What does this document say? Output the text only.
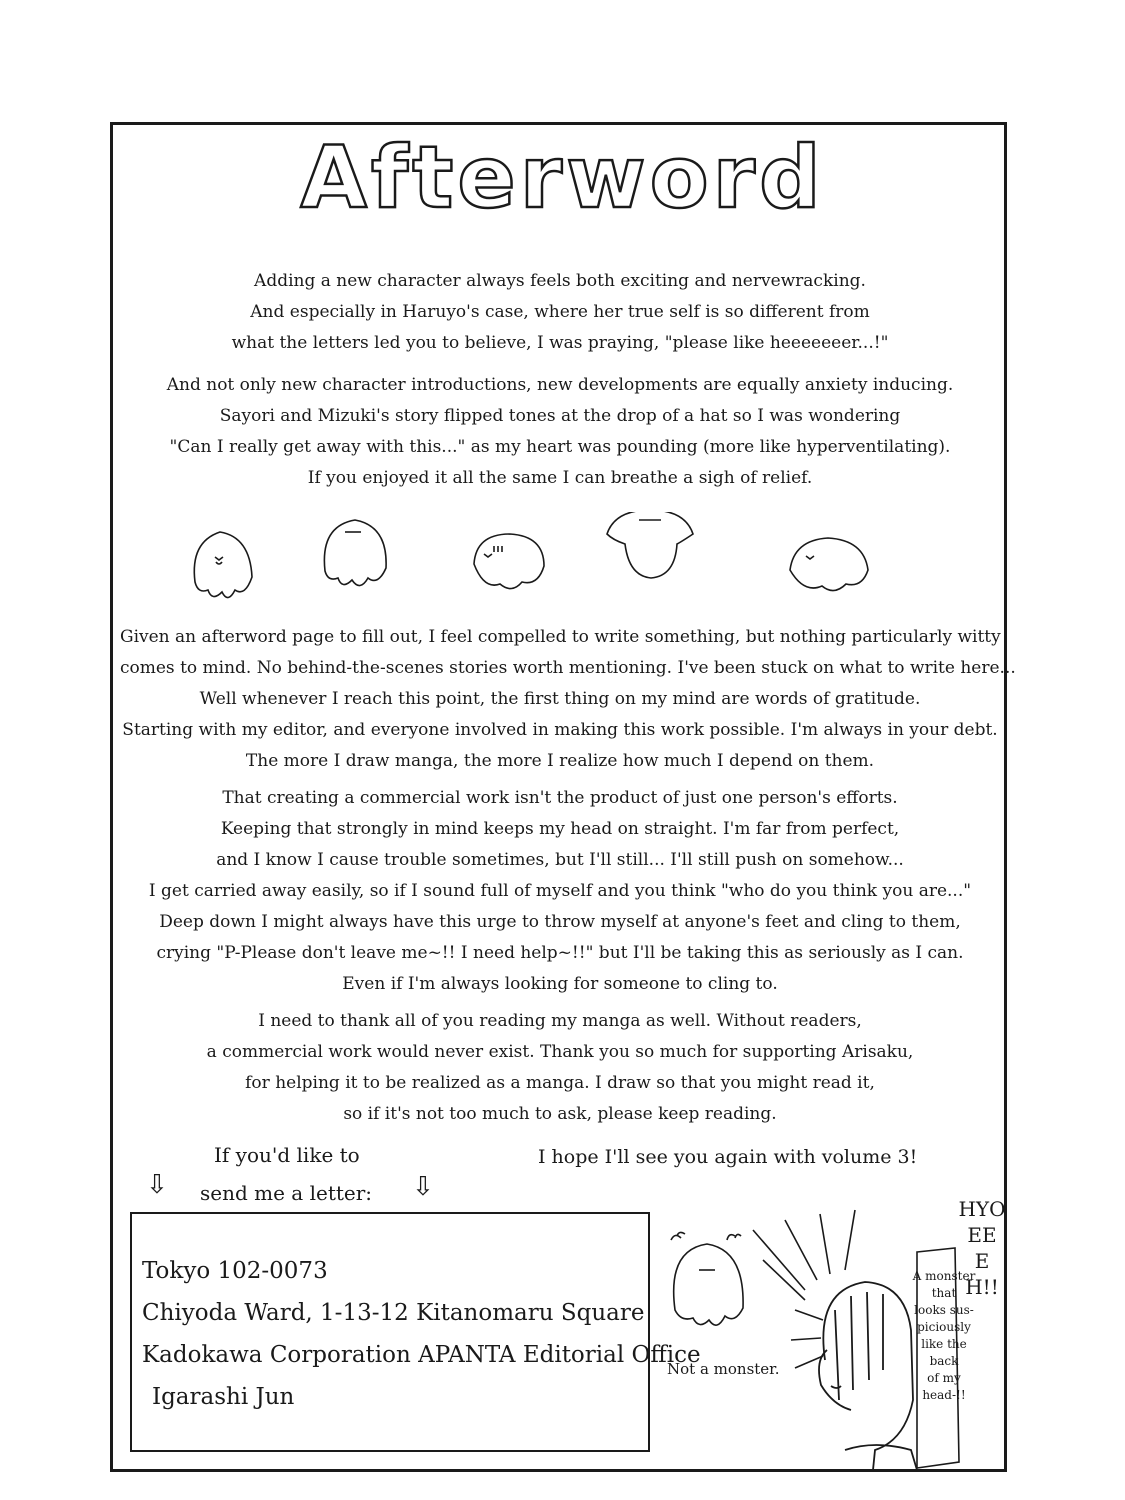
Afterword
Adding a new character always feels both exciting and nervewracking.
And especially in Haruyo's case, where her true self is so different from
what the letters led you to believe, I was praying, "please like heeeeeeer...!"
And not only new character introductions, new developments are equally anxiety inducing.
Sayori and Mizuki's story flipped tones at the drop of a hat so I was wondering
"Can I really get away with this..." as my heart was pounding (more like hyperventilating).
If you enjoyed it all the same I can breathe a sigh of relief.
Given an afterword page to fill out, I feel compelled to write something, but nothing particularly witty
comes to mind. No behind-the-scenes stories worth mentioning. I've been stuck on what to write here...
Well whenever I reach this point, the first thing on my mind are words of gratitude.
Starting with my editor, and everyone involved in making this work possible. I'm always in your debt.
The more I draw manga, the more I realize how much I depend on them.
That creating a commercial work isn't the product of just one person's efforts.
Keeping that strongly in mind keeps my head on straight. I'm far from perfect,
and I know I cause trouble sometimes, but I'll still... I'll still push on somehow...
I get carried away easily, so if I sound full of myself and you think "who do you think you are..."
Deep down I might always have this urge to throw myself at anyone's feet and cling to them,
crying "P-Please don't leave me~!! I need help~!!" but I'll be taking this as seriously as I can.
Even if I'm always looking for someone to cling to.
I need to thank all of you reading my manga as well. Without readers,
a commercial work would never exist. Thank you so much for supporting Arisaku,
for helping it to be realized as a manga. I draw so that you might read it,
so if it's not too much to ask, please keep reading.
If you'd like to
send me a letter:
⇩	⇩
I hope I'll see you again with volume 3!
Tokyo 102-0073
Chiyoda Ward, 1-13-12 Kitanomaru Square
Kadokawa Corporation APANTA Editorial Office
Igarashi Jun
Not a monster.
HYO
EE
E
H!!
A monster
that
looks sus-
piciously
like the
back
of my
head-!!
